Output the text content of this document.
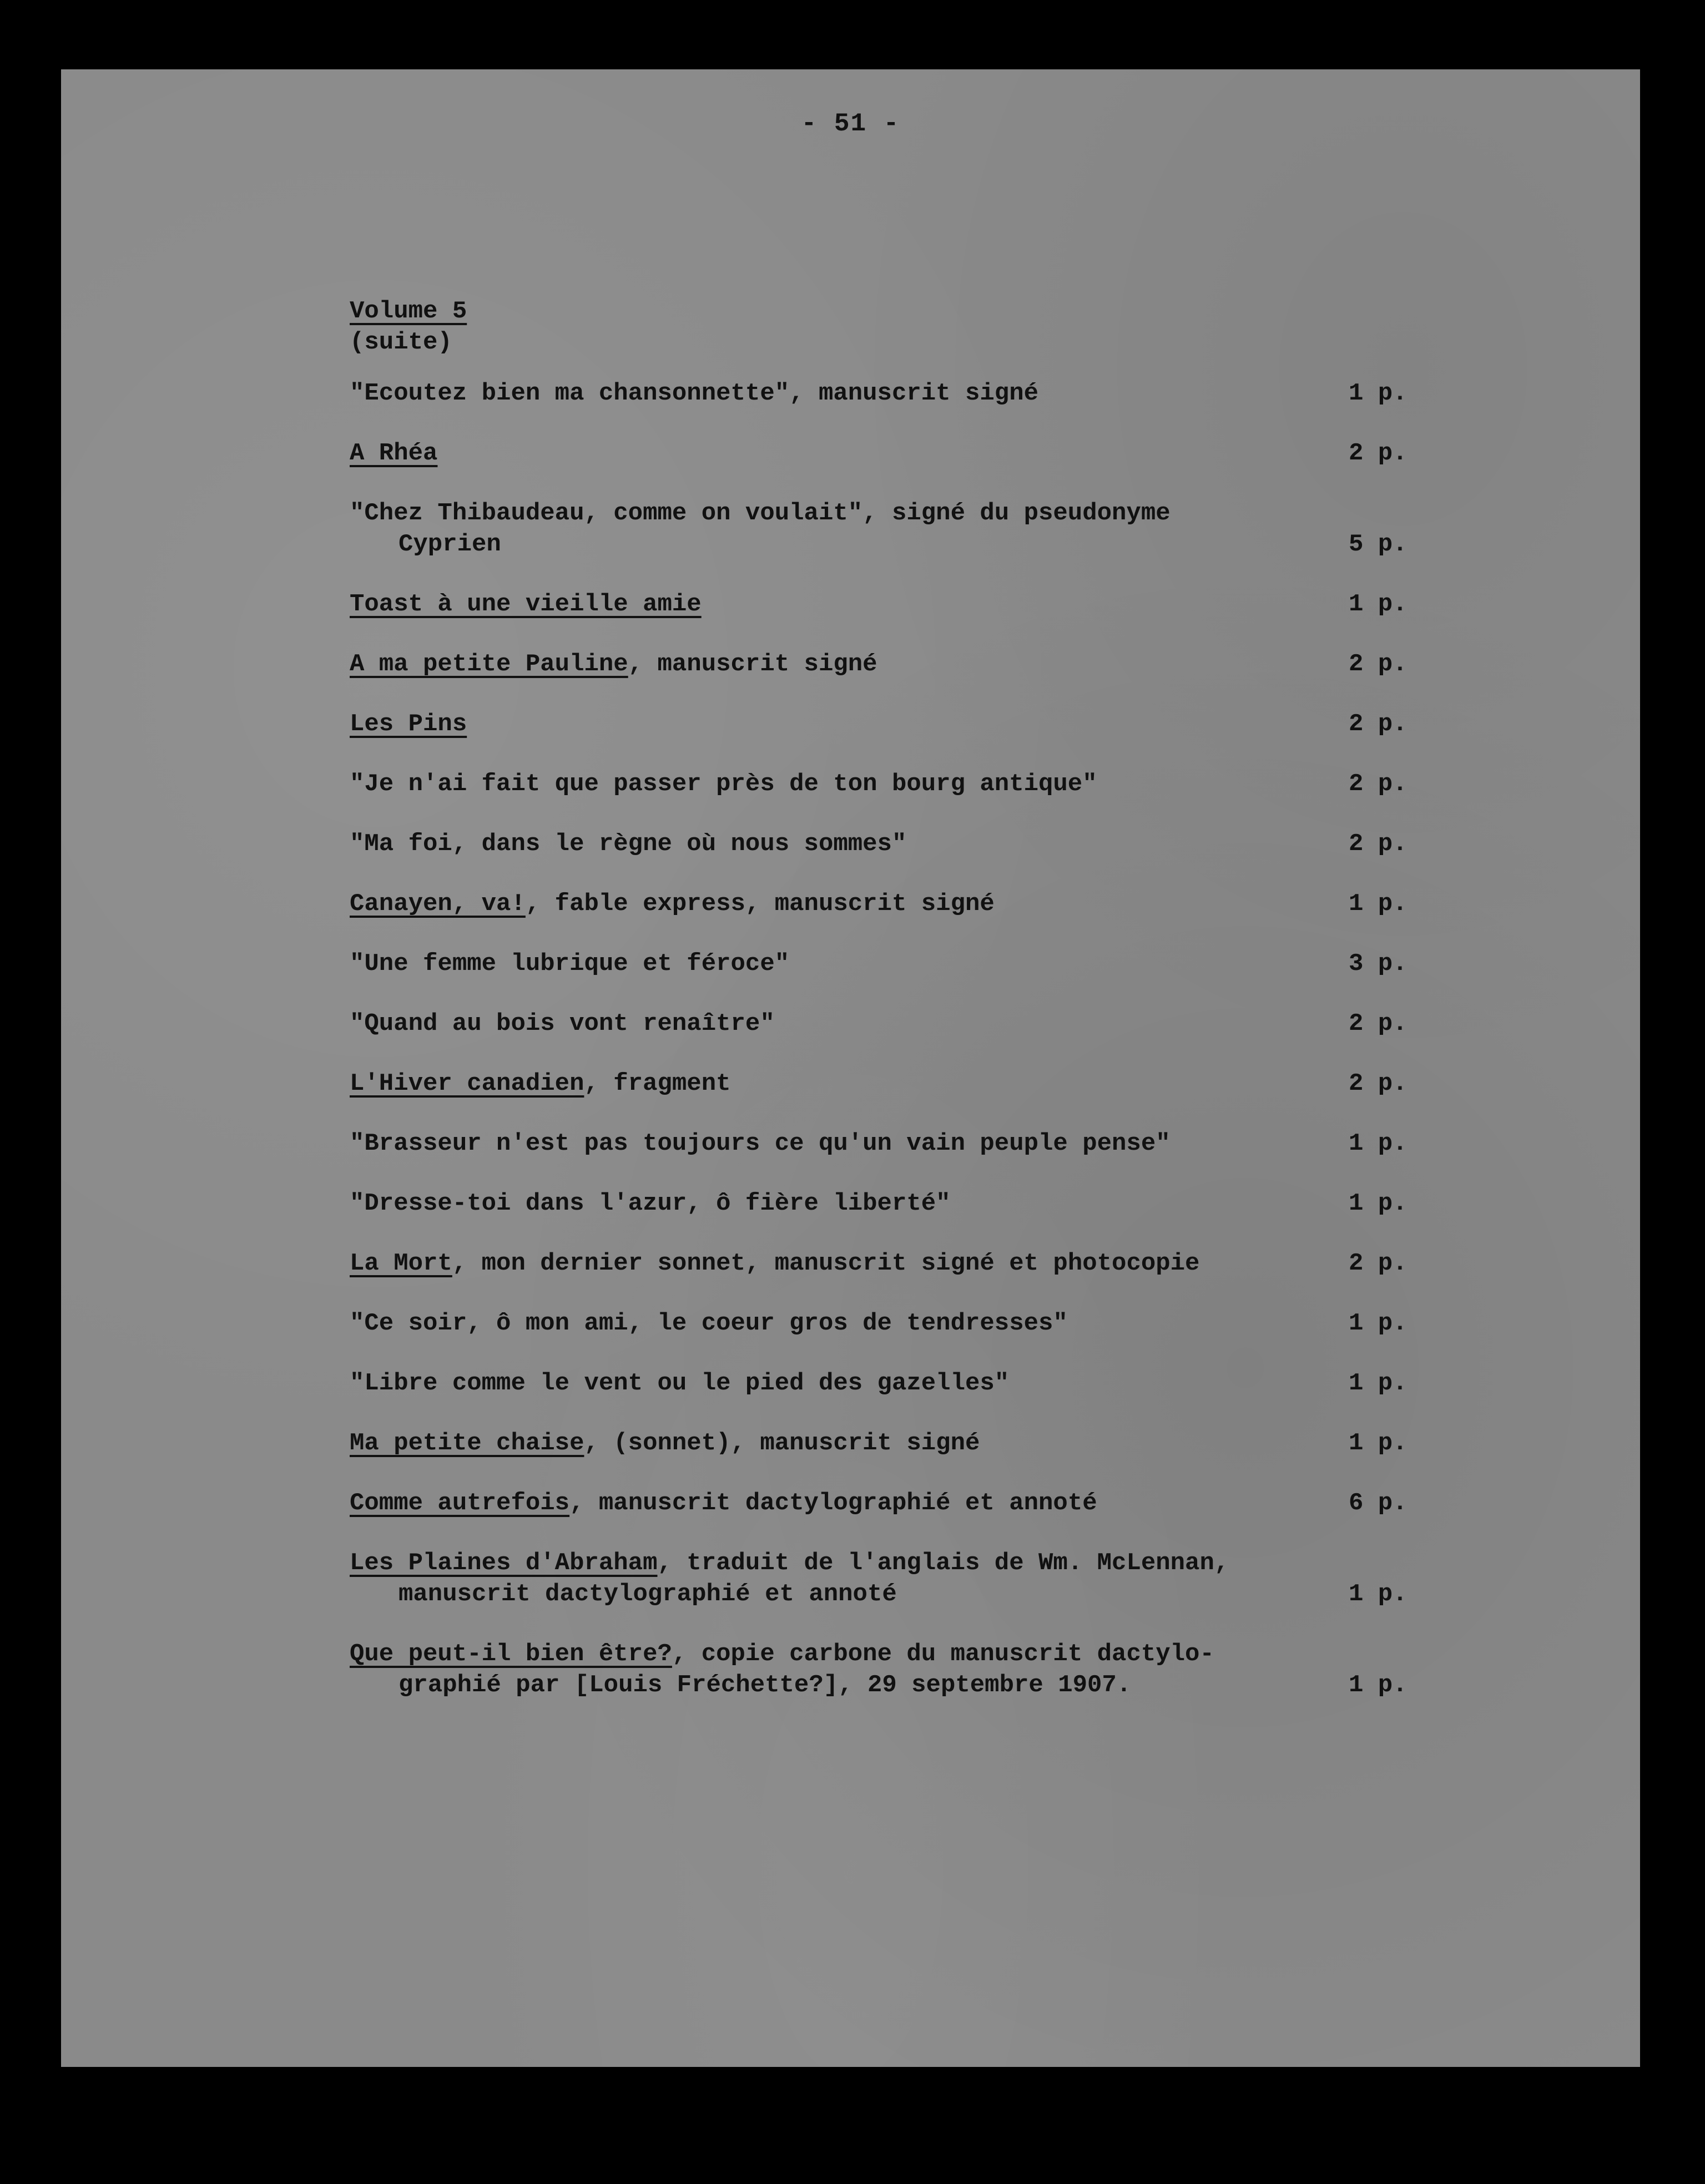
- 51 -
Volume 5
(suite)
"Ecoutez bien ma chansonnette", manuscrit signé	1 p.
A Rhéa	2 p.
"Chez Thibaudeau, comme on voulait", signé du pseudonyme
Cyprien	5 p.
Toast à une vieille amie	1 p.
A ma petite Pauline, manuscrit signé	2 p.
Les Pins	2 p.
"Je n'ai fait que passer près de ton bourg antique"	2 p.
"Ma foi, dans le règne où nous sommes"	2 p.
Canayen, va!, fable express, manuscrit signé	1 p.
"Une femme lubrique et féroce"	3 p.
"Quand au bois vont renaître"	2 p.
L'Hiver canadien, fragment	2 p.
"Brasseur n'est pas toujours ce qu'un vain peuple pense"	1 p.
"Dresse-toi dans l'azur, ô fière liberté"	1 p.
La Mort, mon dernier sonnet, manuscrit signé et photocopie	2 p.
"Ce soir, ô mon ami, le coeur gros de tendresses"	1 p.
"Libre comme le vent ou le pied des gazelles"	1 p.
Ma petite chaise, (sonnet), manuscrit signé	1 p.
Comme autrefois, manuscrit dactylographié et annoté	6 p.
Les Plaines d'Abraham, traduit de l'anglais de Wm. McLennan,
manuscrit dactylographié et annoté	1 p.
Que peut-il bien être?, copie carbone du manuscrit dactylo-
graphié par [Louis Fréchette?], 29 septembre 1907.	1 p.
